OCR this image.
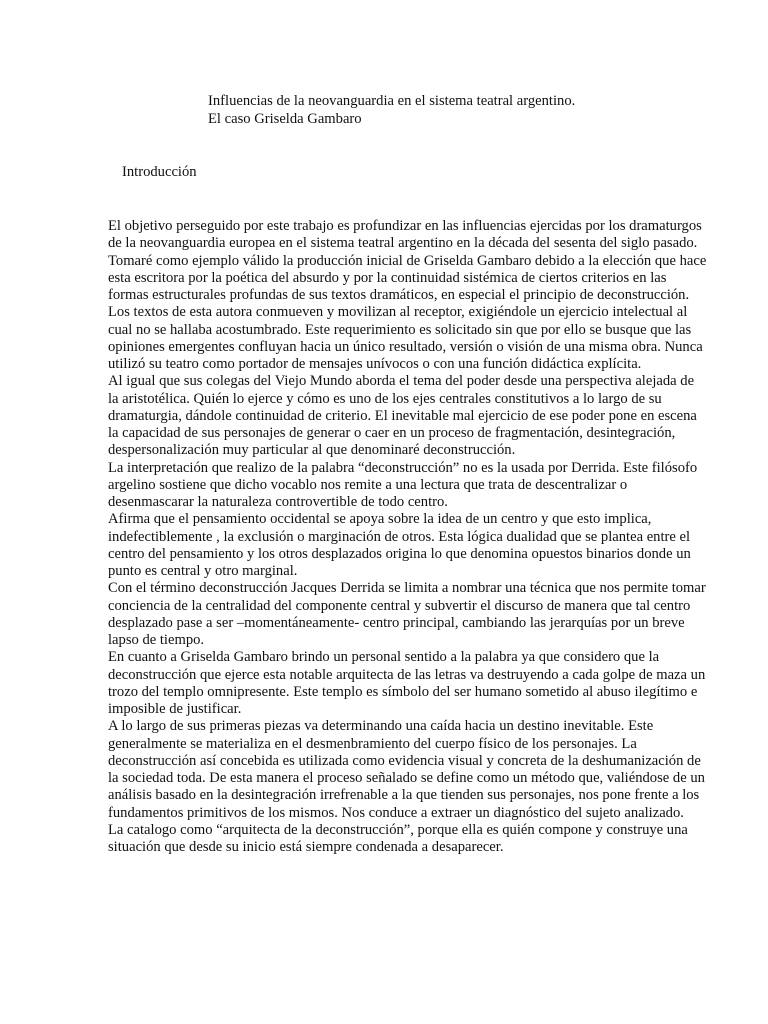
Influencias de la neovanguardia en el sistema teatral argentino.
El caso Griselda Gambaro
Introducción

El objetivo perseguido por este trabajo es profundizar en las influencias ejercidas por los dramaturgos de la neovanguardia europea en el sistema teatral argentino en la década del sesenta del siglo pasado. Tomaré como ejemplo válido la producción inicial de Griselda Gambaro debido a la elección que hace esta escritora por la poética del absurdo y por la continuidad sistémica de ciertos criterios en las formas estructurales profundas de sus textos dramáticos, en especial el principio de deconstrucción.

Los textos de esta autora conmueven y movilizan al receptor, exigiéndole un ejercicio intelectual al cual no se hallaba acostumbrado. Este requerimiento es solicitado sin que por ello se busque que las opiniones emergentes confluyan hacia un único resultado, versión o visión de una misma obra. Nunca utilizó su teatro como portador de mensajes unívocos o con una función didáctica explícita.

Al igual que sus colegas del Viejo Mundo aborda el tema del poder desde una perspectiva alejada de la aristotélica. Quién lo ejerce y cómo es uno de los ejes centrales constitutivos a lo largo de su dramaturgia, dándole continuidad de criterio. El inevitable mal ejercicio de ese poder pone en escena la capacidad de sus personajes de generar o caer en un proceso de fragmentación, desintegración, despersonalización muy particular al que denominaré deconstrucción.

La interpretación que realizo de la palabra “deconstrucción” no es la usada por Derrida. Este filósofo argelino sostiene que dicho vocablo nos remite a una lectura que trata de descentralizar o desenmascarar la naturaleza controvertible de todo centro.

Afirma que el pensamiento occidental se apoya sobre la idea de un centro y que esto implica, indefectiblemente , la exclusión o marginación de otros. Esta lógica dualidad que se plantea entre el centro del pensamiento y los otros desplazados origina lo que denomina opuestos binarios donde un punto es central y otro marginal.

Con el término deconstrucción Jacques Derrida se limita a nombrar una técnica que nos permite tomar conciencia de la centralidad del componente central y subvertir el discurso de manera que tal centro desplazado pase a ser –momentáneamente- centro principal, cambiando las jerarquías por un breve lapso de tiempo.

En cuanto a Griselda Gambaro brindo un personal sentido a la palabra ya que considero que la deconstrucción que ejerce esta notable arquitecta de las letras va destruyendo a cada golpe de maza un trozo del templo omnipresente. Este templo es símbolo del ser humano sometido al abuso ilegítimo e imposible de justificar.

A lo largo de sus primeras piezas va determinando una caída hacia un destino inevitable. Este generalmente se materializa en el desmenbramiento del cuerpo físico de los personajes. La deconstrucción así concebida es utilizada como evidencia visual y concreta de la deshumanización de la sociedad toda. De esta manera el proceso señalado se define como un método que, valiéndose de un análisis basado en la desintegración irrefrenable a la que tienden sus personajes, nos pone frente a los fundamentos primitivos de los mismos. Nos conduce a extraer un diagnóstico del sujeto analizado.

La catalogo como “arquitecta de la deconstrucción”, porque ella es quién compone y construye una situación que desde su inicio está siempre condenada a desaparecer.
